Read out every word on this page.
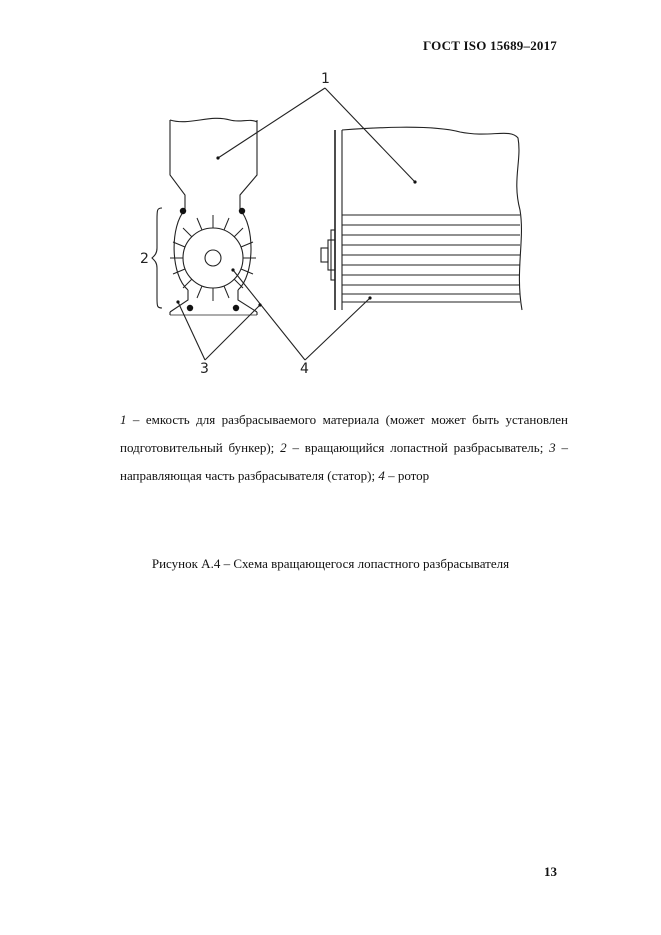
ГОСТ ISO 15689–2017
1
2
3	4
1 – емкость для разбрасываемого материала (может может быть установлен подготовительный бункер); 2 – вращающийся лопастной разбрасыватель; 3 – направляющая часть разбрасывателя (статор); 4 – ротор
Рисунок А.4 – Схема вращающегося лопастного разбрасывателя
13
